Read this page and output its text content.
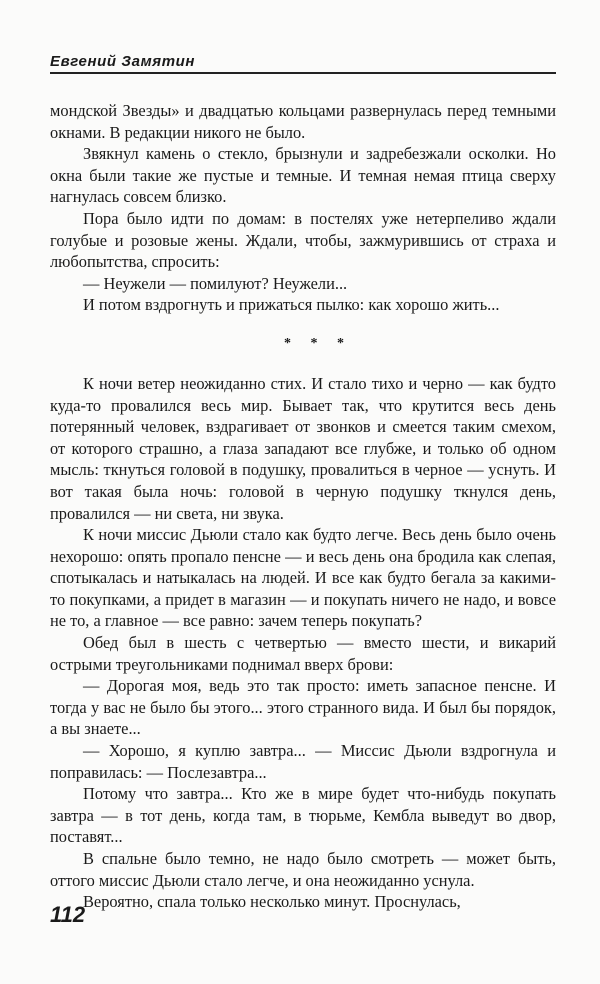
Евгений Замятин

мондской Звезды» и двадцатью кольцами развернулась перед темными окнами. В редакции никого не было.

Звякнул камень о стекло, брызнули и задребезжали осколки. Но окна были такие же пустые и темные. И темная немая птица сверху нагнулась совсем близко.

Пора было идти по домам: в постелях уже нетерпеливо ждали голубые и розовые жены. Ждали, чтобы, зажмурившись от страха и любопытства, спросить:

— Неужели — помилуют? Неужели...

И потом вздрогнуть и прижаться пылко: как хорошо жить...

* * *

К ночи ветер неожиданно стих. И стало тихо и черно — как будто куда-то провалился весь мир. Бывает так, что крутится весь день потерянный человек, вздрагивает от звонков и смеется таким смехом, от которого страшно, а глаза западают все глубже, и только об одном мысль: ткнуться головой в подушку, провалиться в черное — уснуть. И вот такая была ночь: головой в черную подушку ткнулся день, провалился — ни света, ни звука.

К ночи миссис Дьюли стало как будто легче. Весь день было очень нехорошо: опять пропало пенсне — и весь день она бродила как слепая, спотыкалась и натыкалась на людей. И все как будто бегала за какими-то покупками, а придет в магазин — и покупать ничего не надо, и вовсе не то, а главное — все равно: зачем теперь покупать?

Обед был в шесть с четвертью — вместо шести, и викарий острыми треугольниками поднимал вверх брови:

— Дорогая моя, ведь это так просто: иметь запасное пенсне. И тогда у вас не было бы этого... этого странного вида. И был бы порядок, а вы знаете...

— Хорошо, я куплю завтра... — Миссис Дьюли вздрогнула и поправилась: — Послезавтра...

Потому что завтра... Кто же в мире будет что-нибудь покупать завтра — в тот день, когда там, в тюрьме, Кембла выведут во двор, поставят...

В спальне было темно, не надо было смотреть — может быть, оттого миссис Дьюли стало легче, и она неожиданно уснула.

Вероятно, спала только несколько минут. Проснулась,

112
